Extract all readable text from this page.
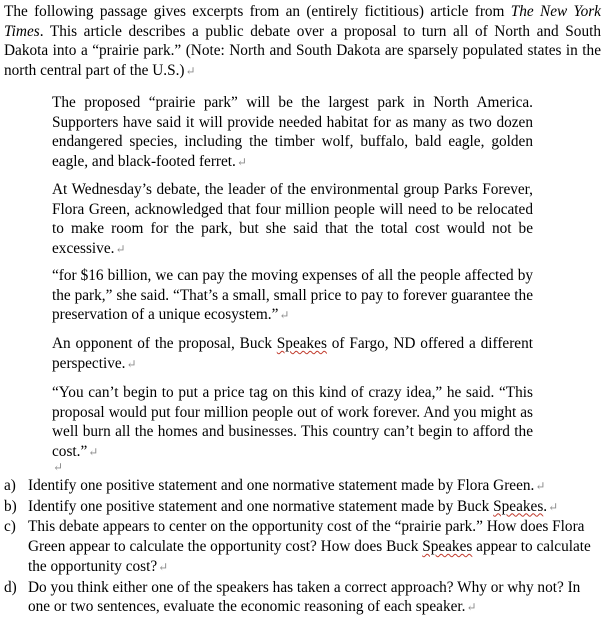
The following passage gives excerpts from an (entirely fictitious) article from The New York Times. This article describes a public debate over a proposal to turn all of North and South Dakota into a “prairie park.” (Note: North and South Dakota are sparsely populated states in the north central part of the U.S.)↵

The proposed “prairie park” will be the largest park in North America. Supporters have said it will provide needed habitat for as many as two dozen endangered species, including the timber wolf, buffalo, bald eagle, golden eagle, and black-footed ferret.↵

At Wednesday’s debate, the leader of the environmental group Parks Forever, Flora Green, acknowledged that four million people will need to be relocated to make room for the park, but she said that the total cost would not be excessive.↵

“for $16 billion, we can pay the moving expenses of all the people affected by the park,” she said. “That’s a small, small price to pay to forever guarantee the preservation of a unique ecosystem.”↵

An opponent of the proposal, Buck Speakes of Fargo, ND offered a different perspective.↵

“You can’t begin to put a price tag on this kind of crazy idea,” he said. “This proposal would put four million people out of work forever. And you might as well burn all the homes and businesses. This country can’t begin to afford the cost.”↵

↵

a) Identify one positive statement and one normative statement made by Flora Green.↵
b) Identify one positive statement and one normative statement made by Buck Speakes.↵
c) This debate appears to center on the opportunity cost of the “prairie park.” How does Flora Green appear to calculate the opportunity cost? How does Buck Speakes appear to calculate the opportunity cost?↵
d) Do you think either one of the speakers has taken a correct approach? Why or why not? In one or two sentences, evaluate the economic reasoning of each speaker.↵
